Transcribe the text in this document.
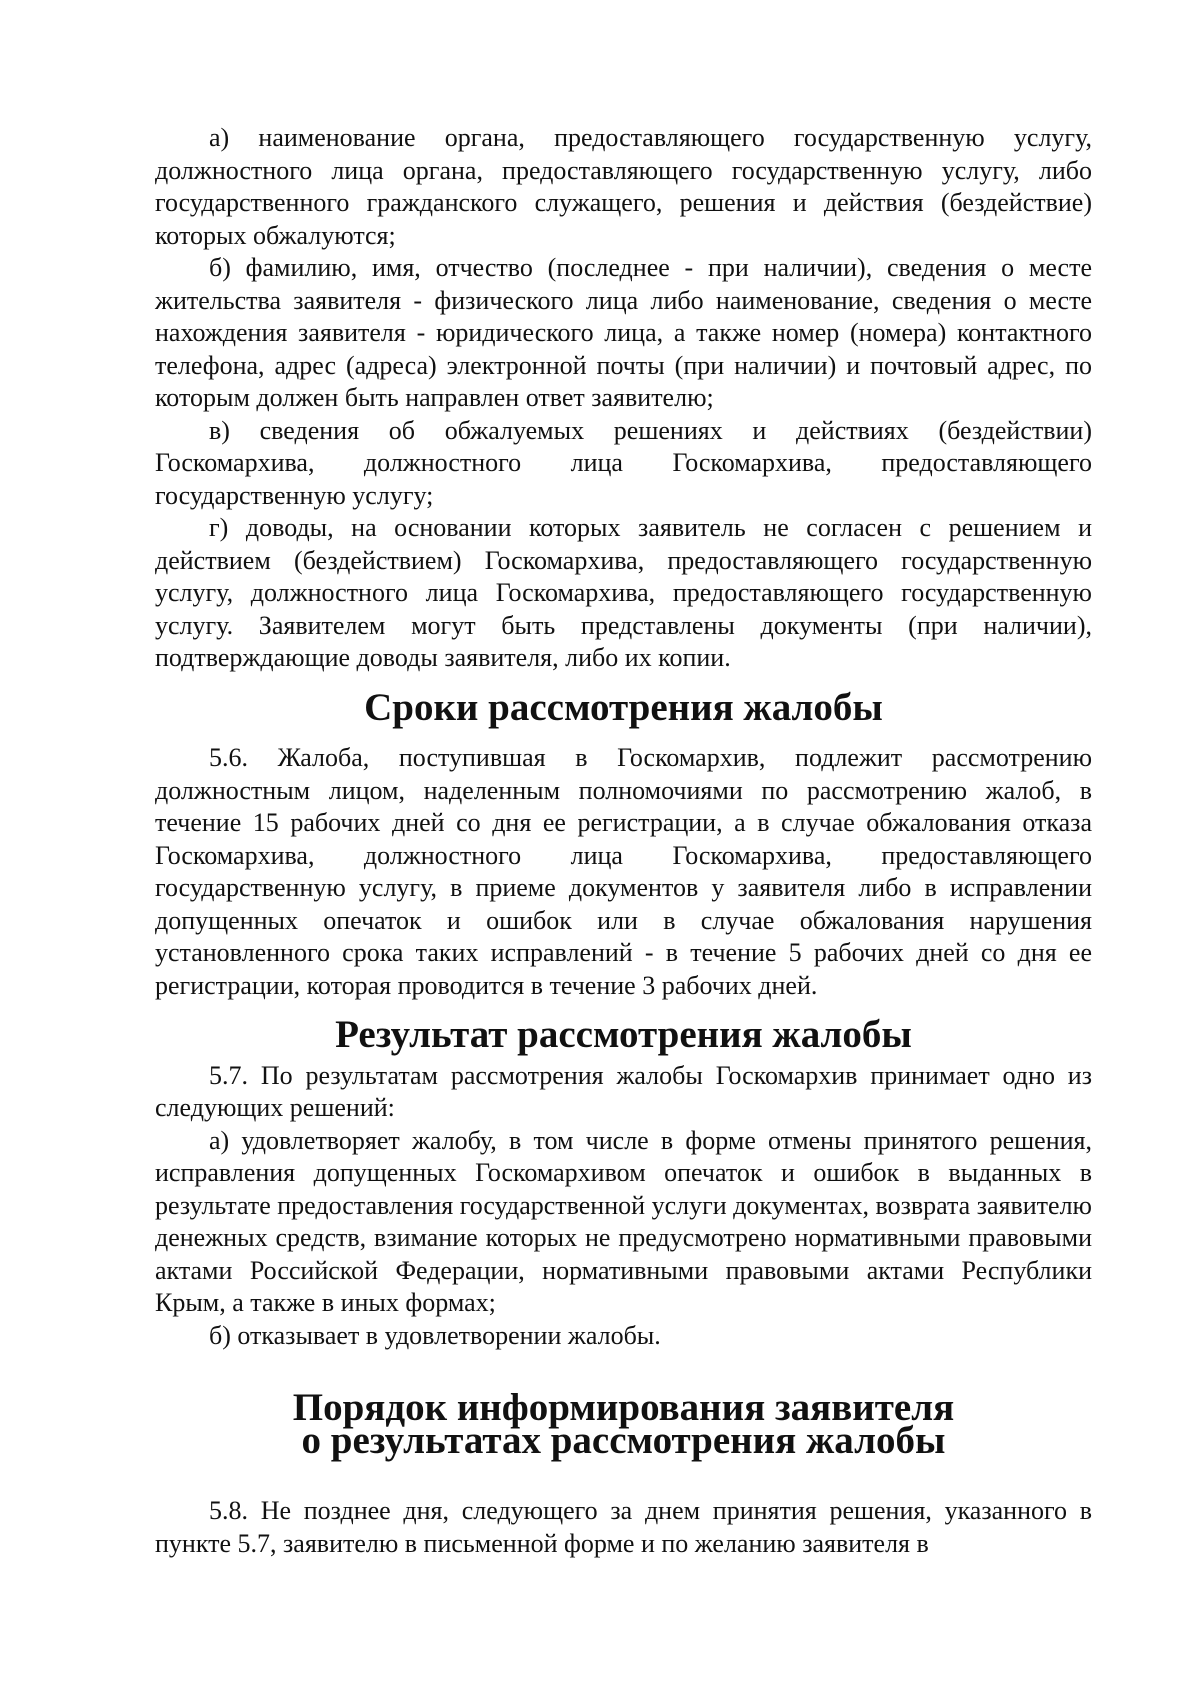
а) наименование органа, предоставляющего государственную услугу, должностного лица органа, предоставляющего государственную услугу, либо государственного гражданского служащего, решения и действия (бездействие) которых обжалуются;

б) фамилию, имя, отчество (последнее - при наличии), сведения о месте жительства заявителя - физического лица либо наименование, сведения о месте нахождения заявителя - юридического лица, а также номер (номера) контактного телефона, адрес (адреса) электронной почты (при наличии) и почтовый адрес, по которым должен быть направлен ответ заявителю;

в) сведения об обжалуемых решениях и действиях (бездействии) Госкомархива, должностного лица Госкомархива, предоставляющего государственную услугу;

г) доводы, на основании которых заявитель не согласен с решением и действием (бездействием) Госкомархива, предоставляющего государственную услугу, должностного лица Госкомархива, предоставляющего государственную услугу. Заявителем могут быть представлены документы (при наличии), подтверждающие доводы заявителя, либо их копии.

Сроки рассмотрения жалобы

5.6. Жалоба, поступившая в Госкомархив, подлежит рассмотрению должностным лицом, наделенным полномочиями по рассмотрению жалоб, в течение 15 рабочих дней со дня ее регистрации, а в случае обжалования отказа Госкомархива, должностного лица Госкомархива, предоставляющего государственную услугу, в приеме документов у заявителя либо в исправлении допущенных опечаток и ошибок или в случае обжалования нарушения установленного срока таких исправлений - в течение 5 рабочих дней со дня ее регистрации, которая проводится в течение 3 рабочих дней.

Результат рассмотрения жалобы

5.7. По результатам рассмотрения жалобы Госкомархив принимает одно из следующих решений:

а) удовлетворяет жалобу, в том числе в форме отмены принятого решения, исправления допущенных Госкомархивом опечаток и ошибок в выданных в результате предоставления государственной услуги документах, возврата заявителю денежных средств, взимание которых не предусмотрено нормативными правовыми актами Российской Федерации, нормативными правовыми актами Республики Крым, а также в иных формах;

б) отказывает в удовлетворении жалобы.

Порядок информирования заявителя
о результатах рассмотрения жалобы

5.8. Не позднее дня, следующего за днем принятия решения, указанного в пункте 5.7, заявителю в письменной форме и по желанию заявителя в
